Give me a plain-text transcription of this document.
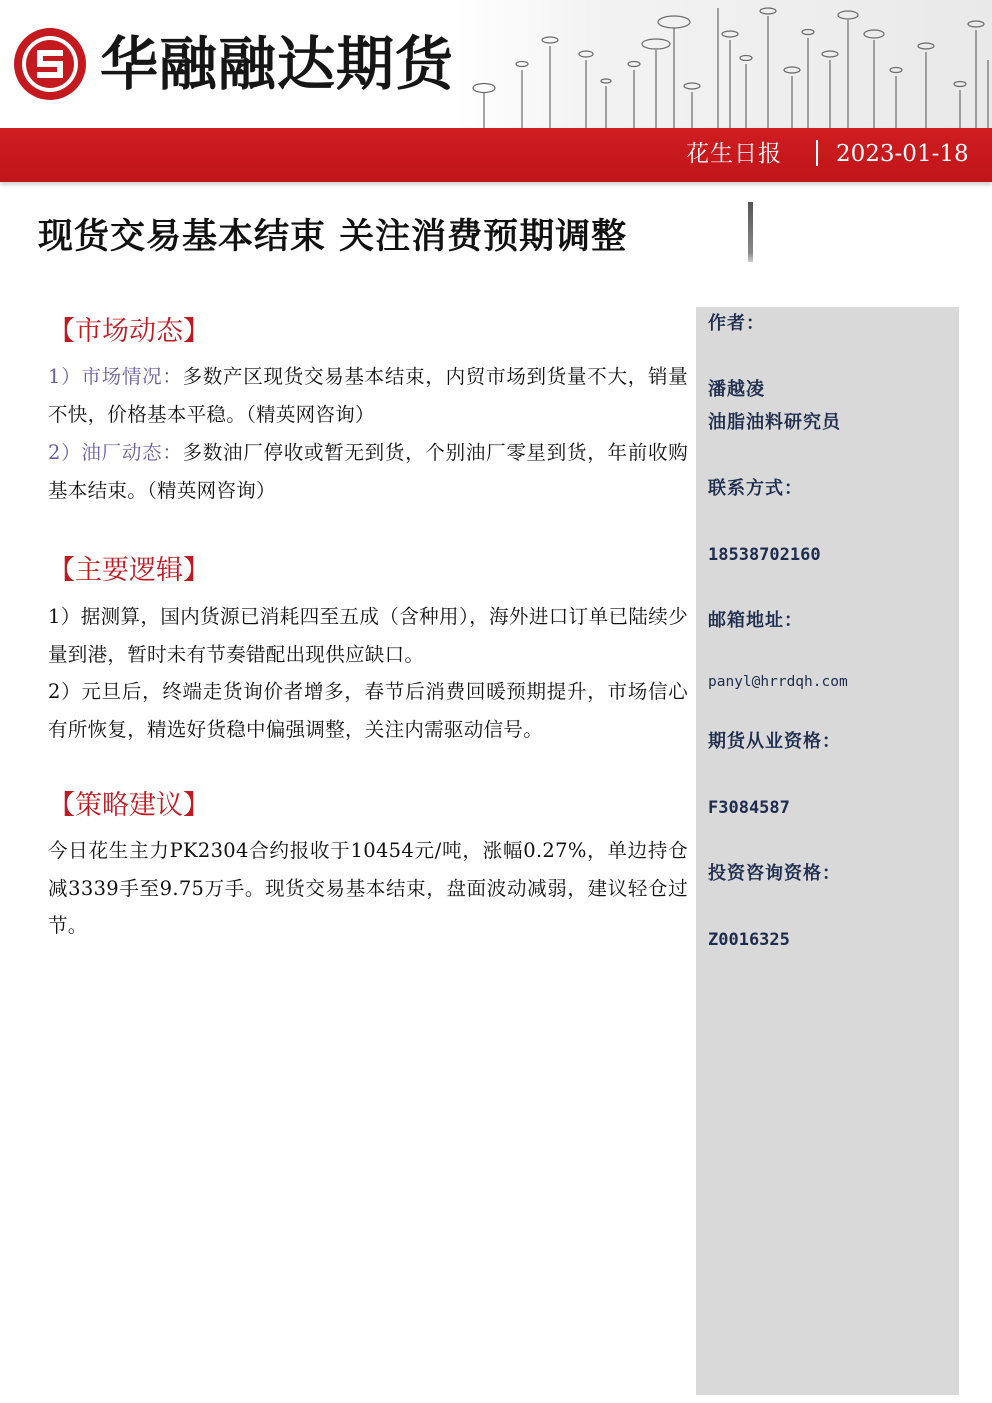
华融融达期货
花生日报 2023-01-18
现货交易基本结束 关注消费预期调整
【市场动态】
1）市场情况：多数产区现货交易基本结束，内贸市场到货量不大，销量不快，价格基本平稳。（精英网咨询）
2）油厂动态：多数油厂停收或暂无到货，个别油厂零星到货，年前收购基本结束。（精英网咨询）
【主要逻辑】
1）据测算，国内货源已消耗四至五成（含种用），海外进口订单已陆续少量到港，暂时未有节奏错配出现供应缺口。
2）元旦后，终端走货询价者增多，春节后消费回暖预期提升，市场信心有所恢复，精选好货稳中偏强调整，关注内需驱动信号。
【策略建议】
今日花生主力PK2304合约报收于10454元/吨，涨幅0.27%，单边持仓减3339手至9.75万手。现货交易基本结束，盘面波动减弱，建议轻仓过节。
作者：
潘越凌
油脂油料研究员
联系方式：
18538702160
邮箱地址：
panyl@hrrdqh.com
期货从业资格：
F3084587
投资咨询资格：
Z0016325
